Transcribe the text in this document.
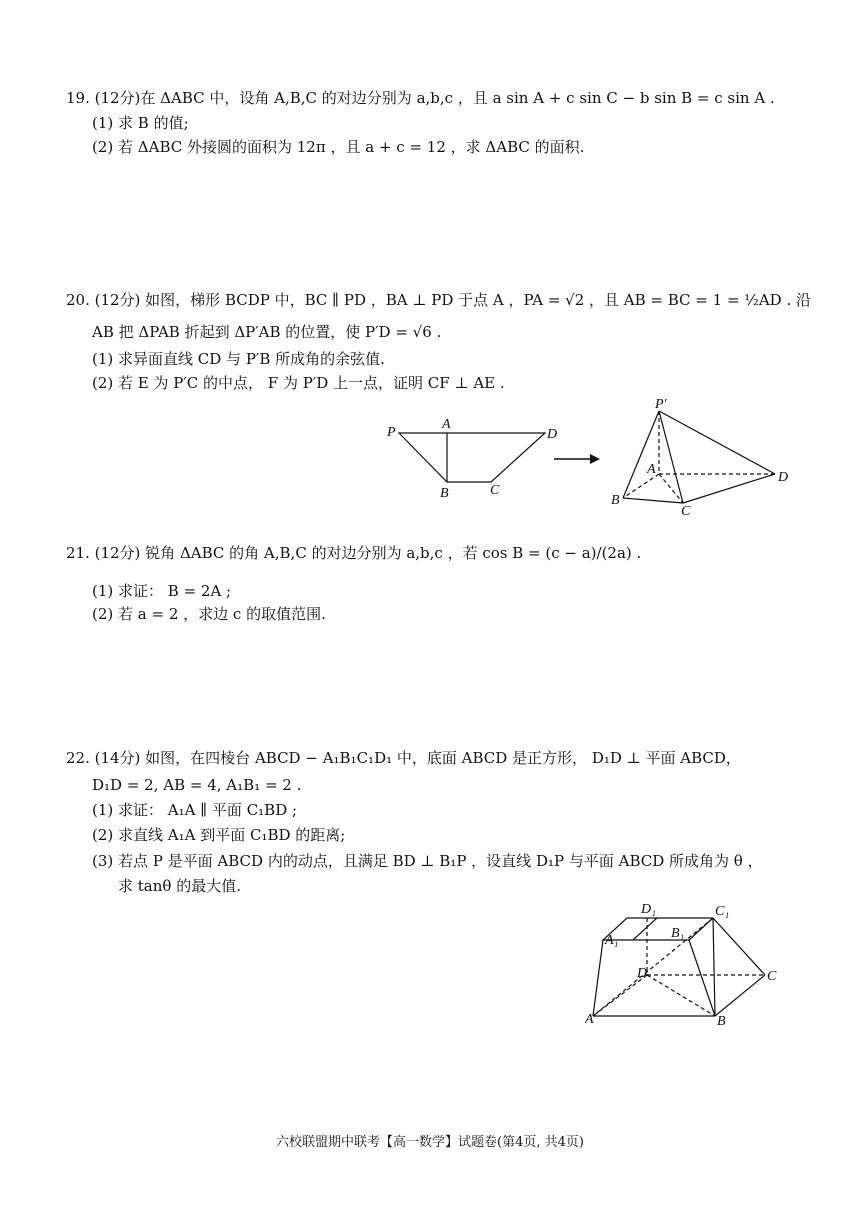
19. (12分)在 ΔABC 中，设角 A,B,C 的对边分别为 a,b,c ，且 a sin A + c sin C − b sin B = c sin A .
(1) 求 B 的值;
(2) 若 ΔABC 外接圆的面积为 12π ，且 a + c = 12 ，求 ΔABC 的面积.
20. (12分) 如图，梯形 BCDP 中，BC ∥ PD ，BA ⊥ PD 于点 A ，PA = √2 ，且 AB = BC = 1 = ½AD . 沿
AB 把 ΔPAB 折起到 ΔP′AB 的位置，使 P′D = √6 .
(1) 求异面直线 CD 与 P′B 所成角的余弦值.
(2) 若 E 为 P′C 的中点， F 为 P′D 上一点，证明 CF ⊥ AE .
P
A
D
B	C
P′
A
D
B
C
21. (12分) 锐角 ΔABC 的角 A,B,C 的对边分别为 a,b,c ，若 cos B = (c − a)/(2a) .
(1) 求证： B = 2A ;
(2) 若 a = 2 ，求边 c 的取值范围.
22. (14分) 如图，在四棱台 ABCD − A₁B₁C₁D₁ 中，底面 ABCD 是正方形， D₁D ⊥ 平面 ABCD，
D₁D = 2, AB = 4, A₁B₁ = 2 .
(1) 求证： A₁A ∥ 平面 C₁BD ;
(2) 求直线 A₁A 到平面 C₁BD 的距离;
(3) 若点 P 是平面 ABCD 内的动点，且满足 BD ⊥ B₁P ，设直线 D₁P 与平面 ABCD 所成角为 θ ，
求 tanθ 的最大值.
D₁	C₁
A₁	B₁
D	C
A	B
六校联盟期中联考【高一数学】试题卷(第4页, 共4页)
